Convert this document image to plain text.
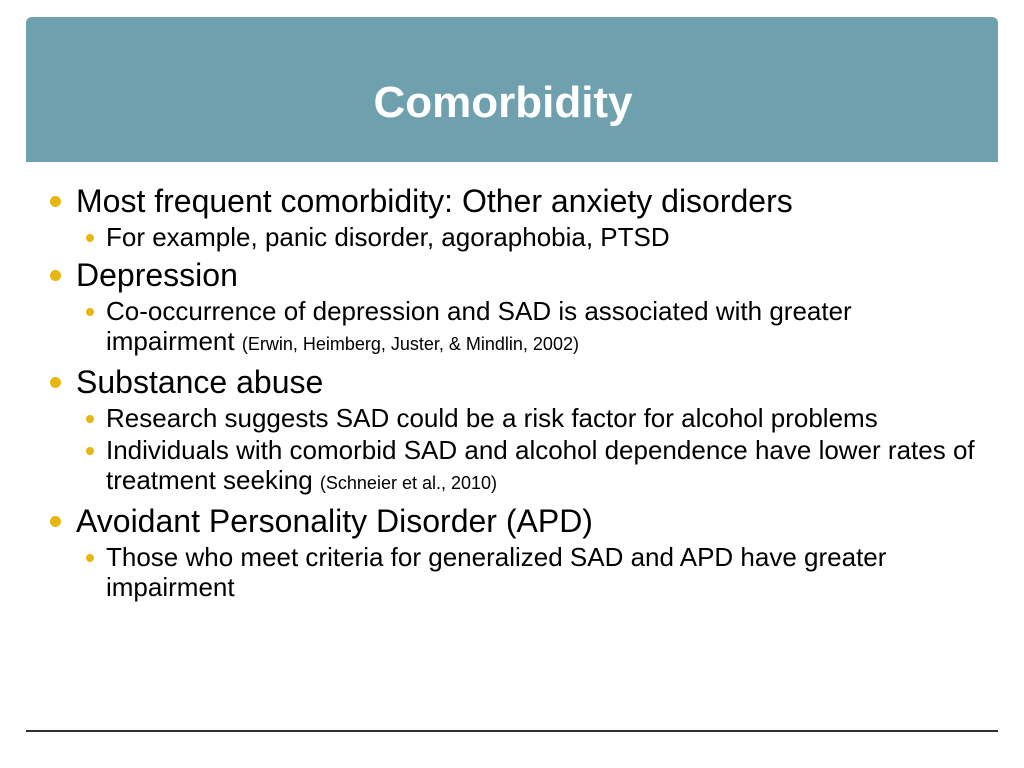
Comorbidity
Most frequent comorbidity: Other anxiety disorders
For example, panic disorder, agoraphobia, PTSD
Depression
Co-occurrence of depression and SAD is associated with greater impairment (Erwin, Heimberg, Juster, & Mindlin, 2002)
Substance abuse
Research suggests SAD could be a risk factor for alcohol problems
Individuals with comorbid SAD and alcohol dependence have lower rates of treatment seeking (Schneier et al., 2010)
Avoidant Personality Disorder (APD)
Those who meet criteria for generalized SAD and APD have greater impairment
